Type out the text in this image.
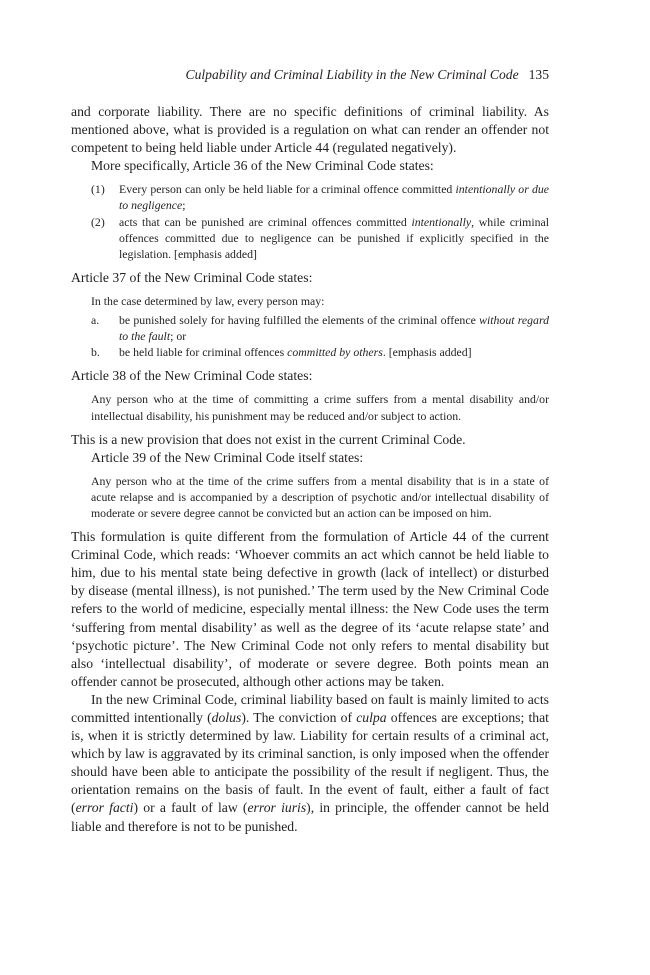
Culpability and Criminal Liability in the New Criminal Code 135

and corporate liability. There are no specific definitions of criminal liability. As mentioned above, what is provided is a regulation on what can render an offender not competent to being held liable under Article 44 (regulated negatively).

More specifically, Article 36 of the New Criminal Code states:

(1)	Every person can only be held liable for a criminal offence committed intentionally or due to negligence;
(2)	acts that can be punished are criminal offences committed intentionally, while criminal offences committed due to negligence can be punished if explicitly specified in the legislation. [emphasis added]

Article 37 of the New Criminal Code states:

In the case determined by law, every person may:

a.	be punished solely for having fulfilled the elements of the criminal offence without regard to the fault; or
b.	be held liable for criminal offences committed by others. [emphasis added]

Article 38 of the New Criminal Code states:

Any person who at the time of committing a crime suffers from a mental disability and/or intellectual disability, his punishment may be reduced and/or subject to action.

This is a new provision that does not exist in the current Criminal Code.

Article 39 of the New Criminal Code itself states:

Any person who at the time of the crime suffers from a mental disability that is in a state of acute relapse and is accompanied by a description of psychotic and/or intellectual disability of moderate or severe degree cannot be convicted but an action can be imposed on him.

This formulation is quite different from the formulation of Article 44 of the current Criminal Code, which reads: ‘Whoever commits an act which cannot be held liable to him, due to his mental state being defective in growth (lack of intellect) or disturbed by disease (mental illness), is not punished.’ The term used by the New Criminal Code refers to the world of medicine, especially mental illness: the New Code uses the term ‘suffering from mental disability’ as well as the degree of its ‘acute relapse state’ and ‘psychotic picture’. The New Criminal Code not only refers to mental disability but also ‘intellectual disability’, of moderate or severe degree. Both points mean an offender cannot be prosecuted, although other actions may be taken.

In the new Criminal Code, criminal liability based on fault is mainly limited to acts committed intentionally (dolus). The conviction of culpa offences are exceptions; that is, when it is strictly determined by law. Liability for certain results of a criminal act, which by law is aggravated by its criminal sanction, is only imposed when the offender should have been able to anticipate the possibility of the result if negligent. Thus, the orientation remains on the basis of fault. In the event of fault, either a fault of fact (error facti) or a fault of law (error iuris), in principle, the offender cannot be held liable and therefore is not to be punished.
